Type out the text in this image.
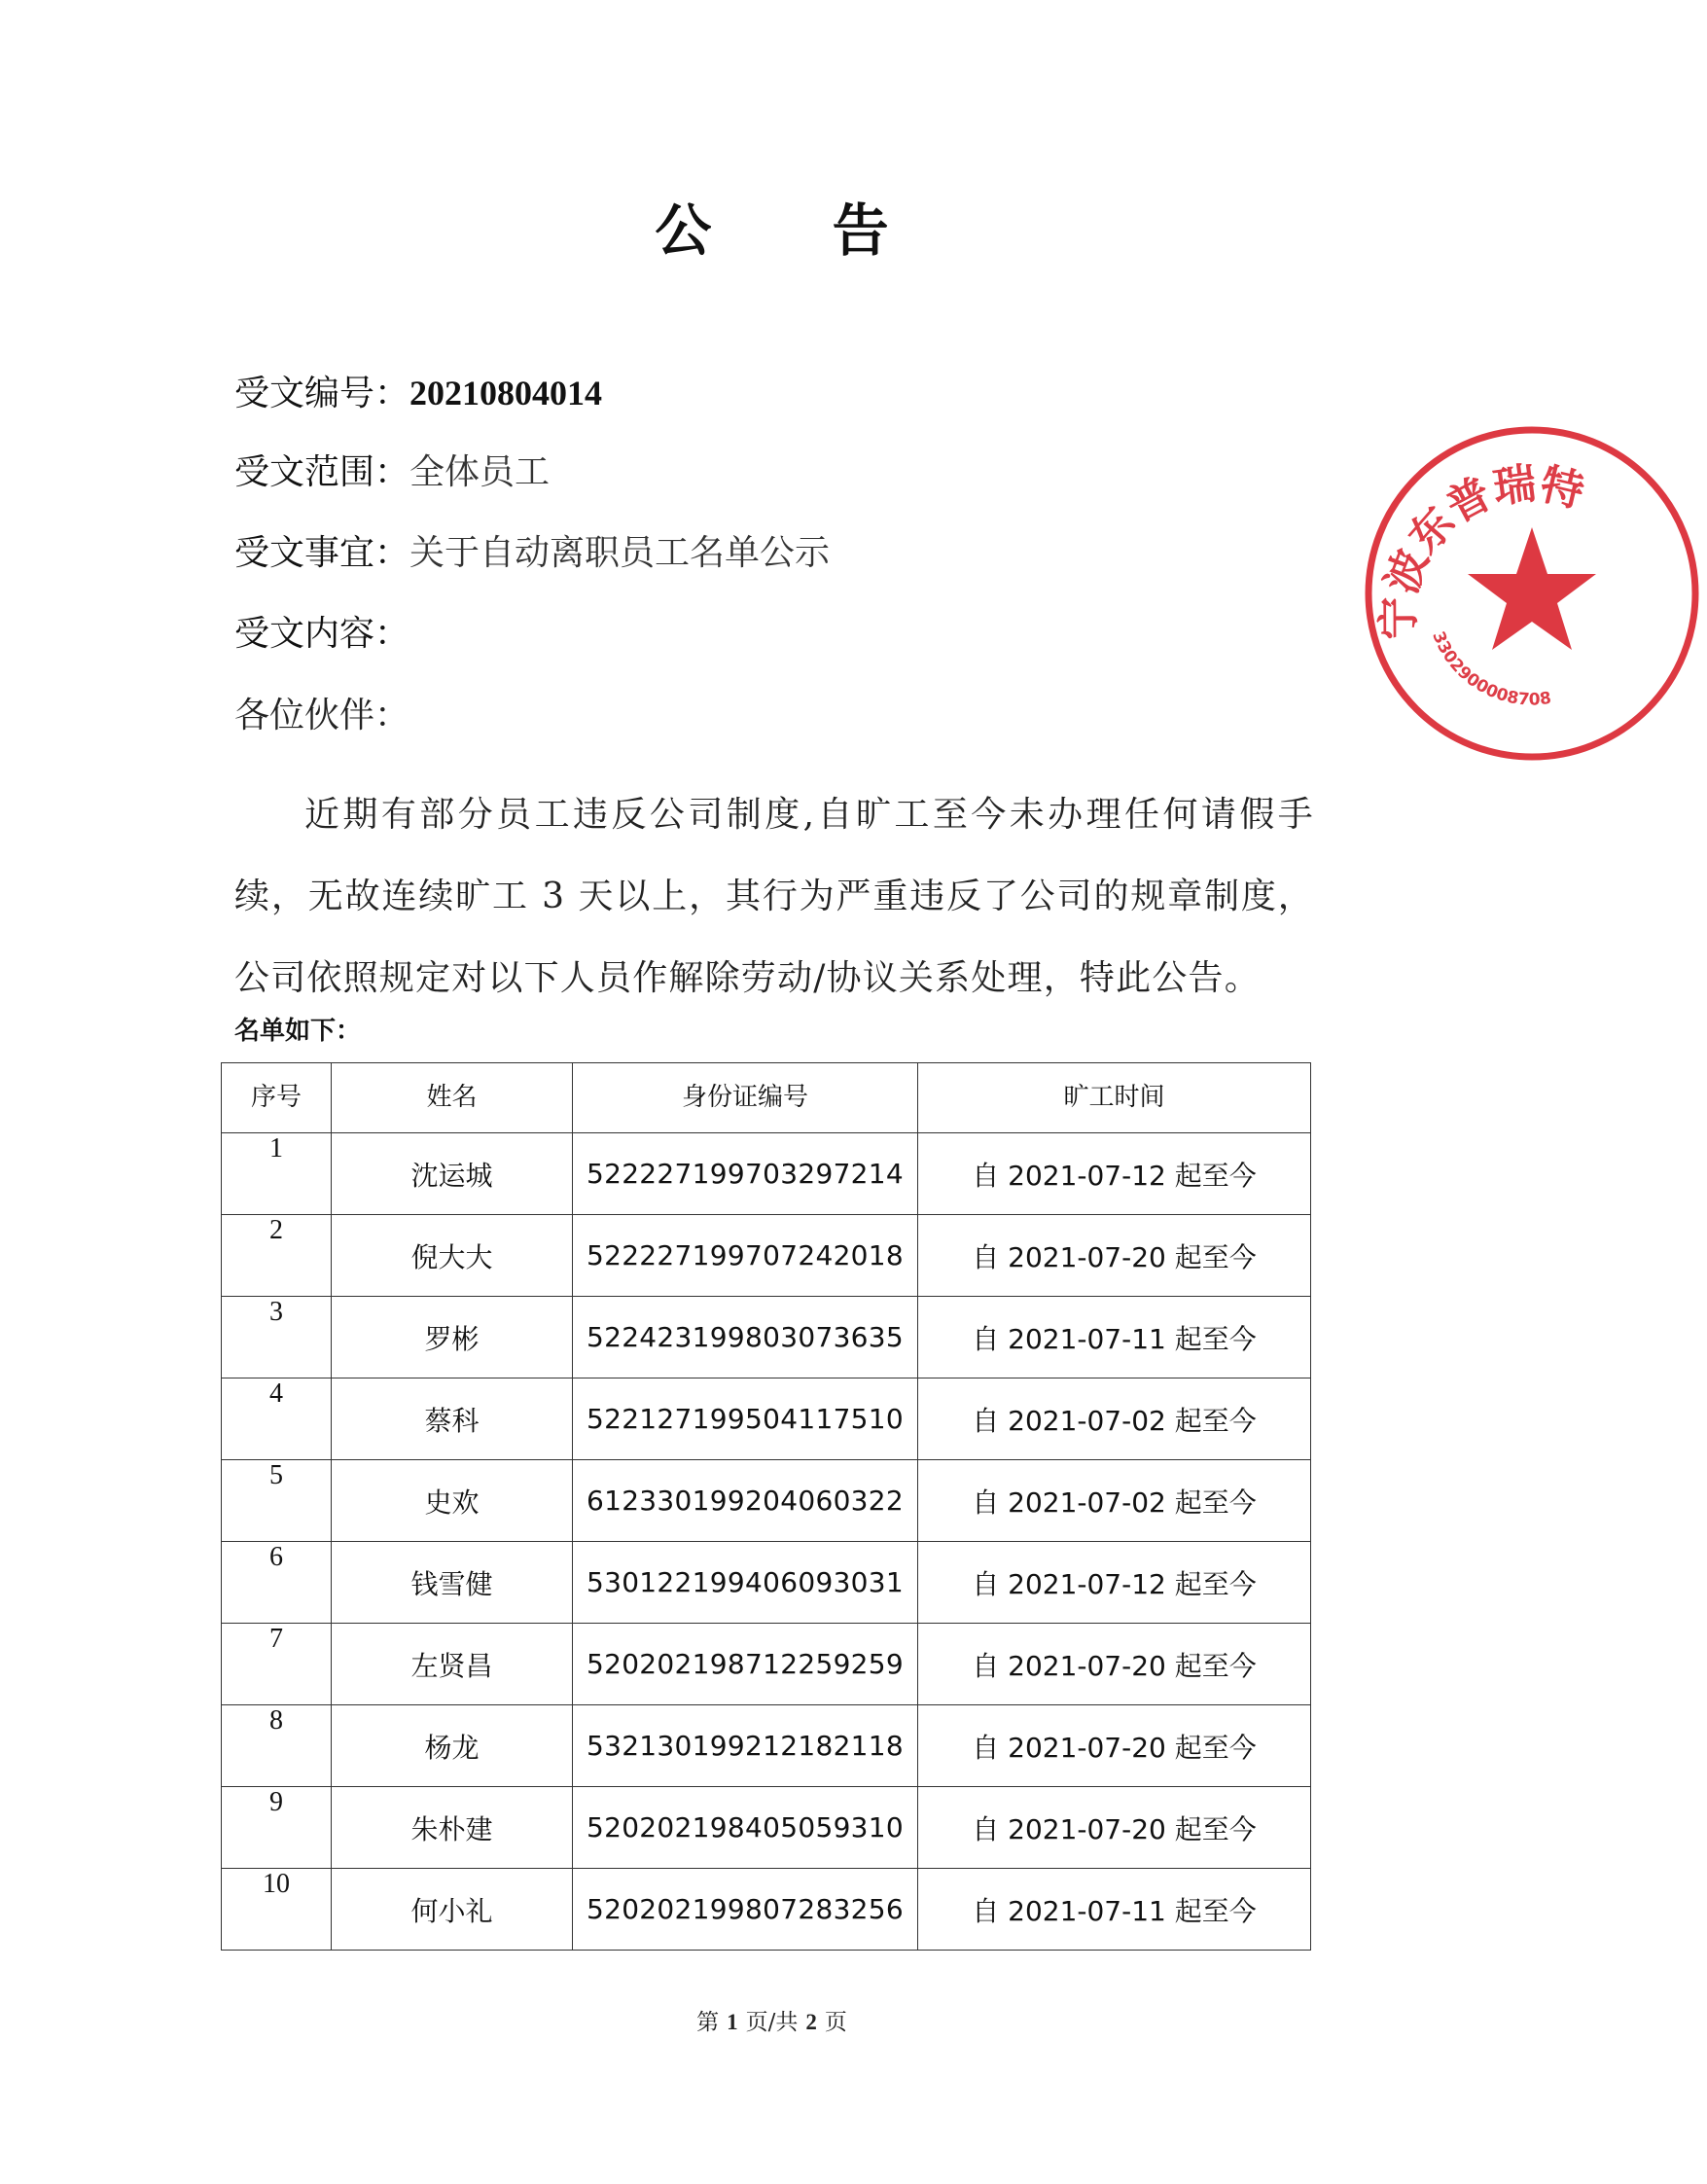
公 告
受文编号：20210804014
受文范围：全体员工
受文事宜：关于自动离职员工名单公示
受文内容：
各位伙伴：

近期有部分员工违反公司制度,自旷工至今未办理任何请假手续，无故连续旷工 3 天以上，其行为严重违反了公司的规章制度，公司依照规定对以下人员作解除劳动/协议关系处理，特此公告。

名单如下：
序号	姓名	身份证编号	旷工时间
1	沈运城	522227199703297214	自 2021-07-12 起至今
2	倪大大	522227199707242018	自 2021-07-20 起至今
3	罗彬	522423199803073635	自 2021-07-11 起至今
4	蔡科	522127199504117510	自 2021-07-02 起至今
5	史欢	612330199204060322	自 2021-07-02 起至今
6	钱雪健	530122199406093031	自 2021-07-12 起至今
7	左贤昌	520202198712259259	自 2021-07-20 起至今
8	杨龙	532130199212182118	自 2021-07-20 起至今
9	朱朴建	520202198405059310	自 2021-07-20 起至今
10	何小礼	520202199807283256	自 2021-07-11 起至今
第 1 页/共 2 页
宁波东普瑞特
3302900008708
